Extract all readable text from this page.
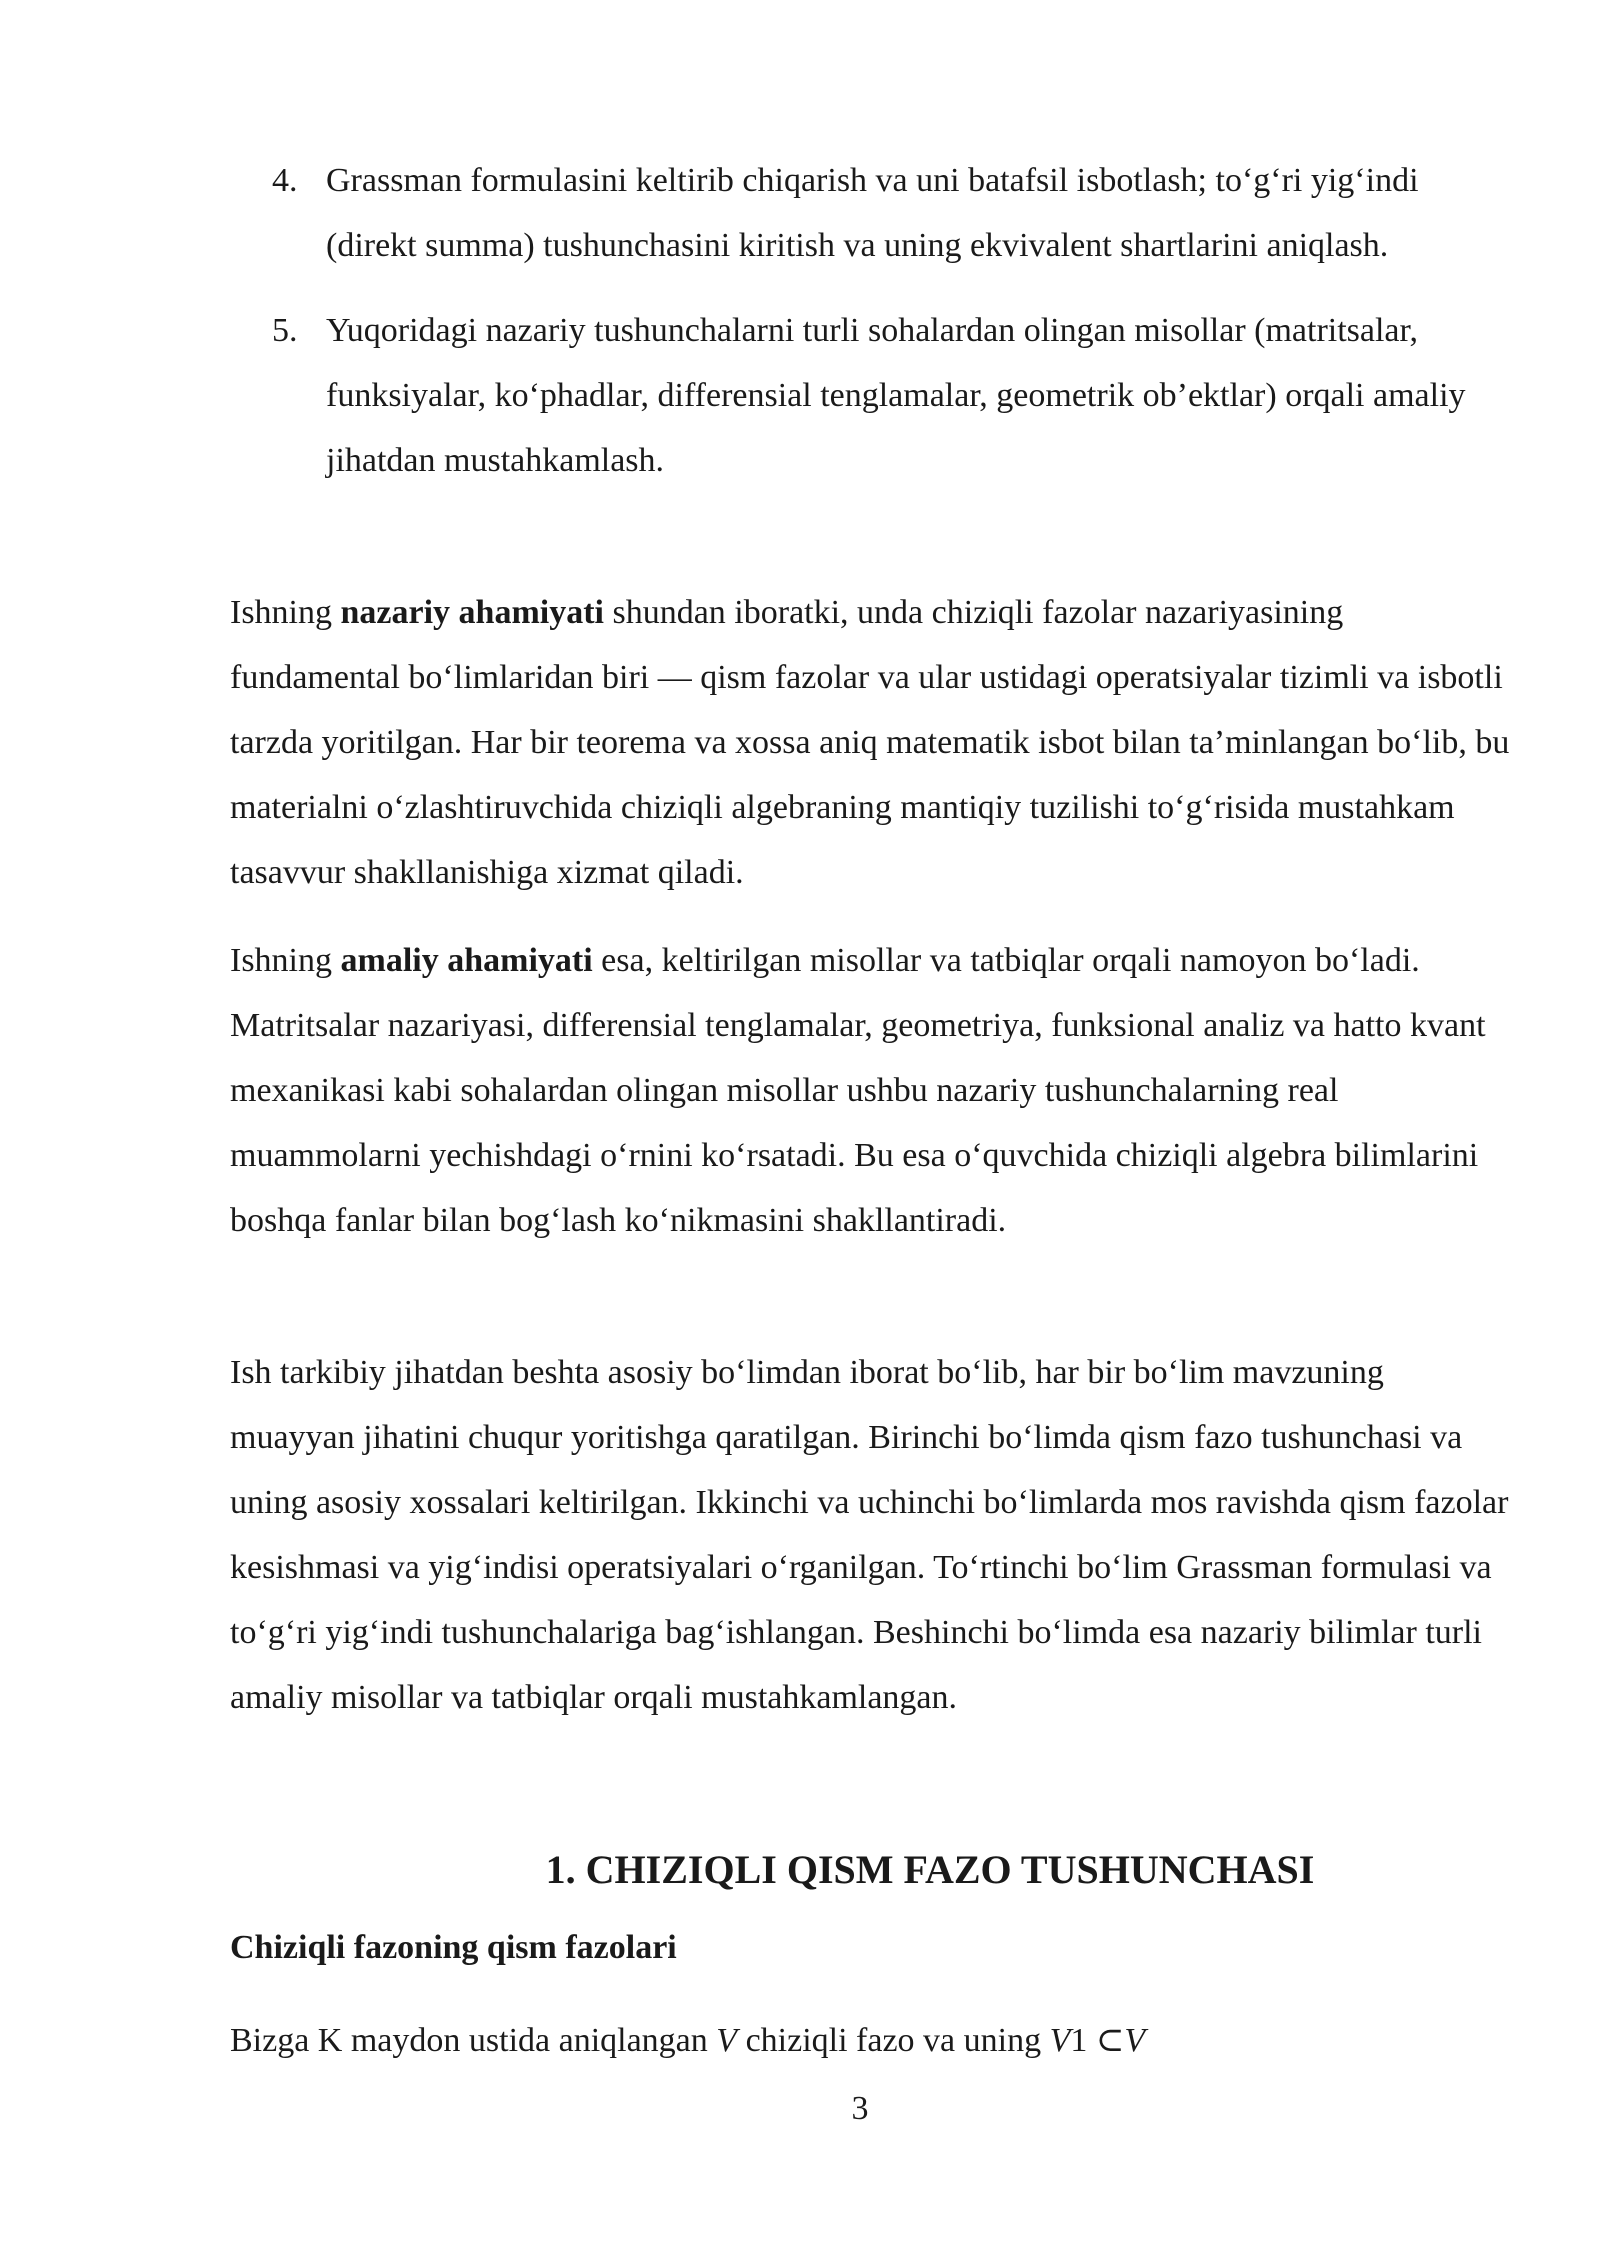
4. Grassman formulasini keltirib chiqarish va uni batafsil isbotlash; to‘g‘ri yig‘indi (direkt summa) tushunchasini kiritish va uning ekvivalent shartlarini aniqlash.
5. Yuqoridagi nazariy tushunchalarni turli sohalardan olingan misollar (matritsalar, funksiyalar, ko‘phadlar, differensial tenglamalar, geometrik ob’ektlar) orqali amaliy jihatdan mustahkamlash.

Ishning nazariy ahamiyati shundan iboratki, unda chiziqli fazolar nazariyasining fundamental bo‘limlaridan biri — qism fazolar va ular ustidagi operatsiyalar tizimli va isbotli tarzda yoritilgan. Har bir teorema va xossa aniq matematik isbot bilan ta’minlangan bo‘lib, bu materialni o‘zlashtiruvchida chiziqli algebraning mantiqiy tuzilishi to‘g‘risida mustahkam tasavvur shakllanishiga xizmat qiladi.

Ishning amaliy ahamiyati esa, keltirilgan misollar va tatbiqlar orqali namoyon bo‘ladi. Matritsalar nazariyasi, differensial tenglamalar, geometriya, funksional analiz va hatto kvant mexanikasi kabi sohalardan olingan misollar ushbu nazariy tushunchalarning real muammolarni yechishdagi o‘rnini ko‘rsatadi. Bu esa o‘quvchida chiziqli algebra bilimlarini boshqa fanlar bilan bog‘lash ko‘nikmasini shakllantiradi.

Ish tarkibiy jihatdan beshta asosiy bo‘limdan iborat bo‘lib, har bir bo‘lim mavzuning muayyan jihatini chuqur yoritishga qaratilgan. Birinchi bo‘limda qism fazo tushunchasi va uning asosiy xossalari keltirilgan. Ikkinchi va uchinchi bo‘limlarda mos ravishda qism fazolar kesishmasi va yig‘indisi operatsiyalari o‘rganilgan. To‘rtinchi bo‘lim Grassman formulasi va to‘g‘ri yig‘indi tushunchalariga bag‘ishlangan. Beshinchi bo‘limda esa nazariy bilimlar turli amaliy misollar va tatbiqlar orqali mustahkamlangan.

1. CHIZIQLI QISM FAZO TUSHUNCHASI
Chiziqli fazoning qism fazolari

Bizga K maydon ustida aniqlangan V chiziqli fazo va uning V1 ⊂V

3
